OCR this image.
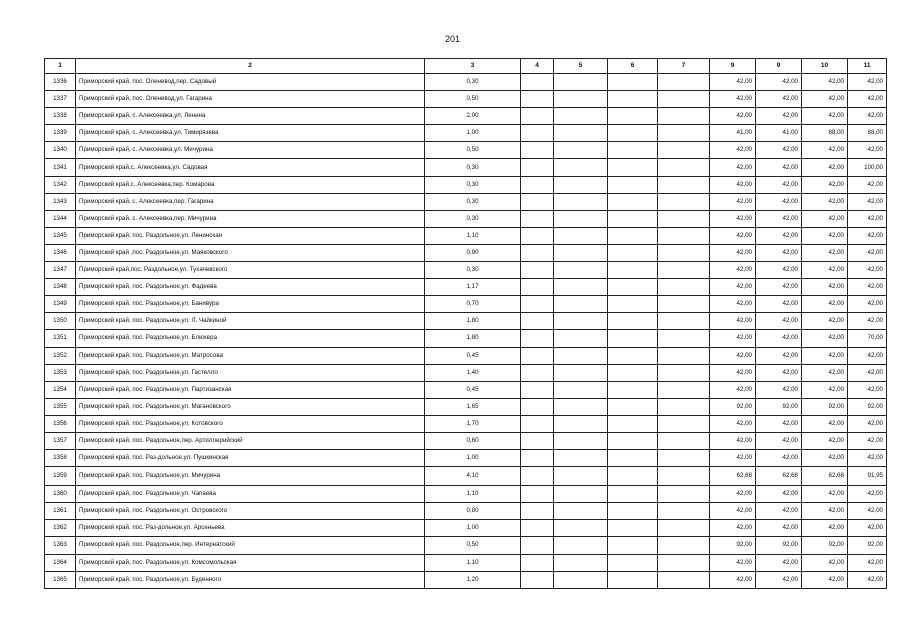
201
1	2	3	4	5	6	7	9	9	10	11
1336	Приморский край, пос. Оленевод,пер. Садовый	0,30					42,00	42,00	42,00	42,00
1337	Приморский край, пос. Оленевод,ул. Гагарина	0,50					42,00	42,00	42,00	42,00
1338	Приморский край, с. Алексеевка,ул. Ленина	2,00					42,00	42,00	42,00	42,00
1339	Приморский край, с. Алексеевка,ул. Тимирязева	1,00					41,00	41,00	88,00	88,00
1340	Приморский край, с. Алексеевка,ул. Мичурина	0,50					42,00	42,00	42,00	42,00
1341	Приморский край,с. Алексеевка,ул. Садовая	0,30					42,00	42,00	42,00	100,00
1342	Приморский край,с. Алексеевка,пер. Комарова	0,30					42,00	42,00	42,00	42,00
1343	Приморский край, с. Алексеевка,пер. Гагарина	0,30					42,00	42,00	42,00	42,00
1344	Приморский край, с. Алексеевка,пер. Мичурина	0,30					42,00	42,00	42,00	42,00
1345	Приморский край, пос. Раздольное,ул. Ленинская	1,10					42,00	42,00	42,00	42,00
1346	Приморский край ,пос. Раздольное,ул. Маяковского	0,90					42,00	42,00	42,00	42,00
1347	Приморский край,пос. Раздольное,ул. Тухачевского	0,30					42,00	42,00	42,00	42,00
1348	Приморский край, пос. Раздольное,ул. Фадеева	1,17					42,00	42,00	42,00	42,00
1349	Приморский край, пос. Раздольное,ул. Банивура	0,70					42,00	42,00	42,00	42,00
1350	Приморский край, пос. Раздольное,ул. Л. Чайкиной	1,80					42,00	42,00	42,00	42,00
1351	Приморский край, пос. Раздольное,ул. Блюхера	1,80					42,00	42,00	42,00	70,00
1352	Приморский край, пос. Раздольное,ул. Матросова	0,45					42,00	42,00	42,00	42,00
1353	Приморский край, пос. Раздольное,ул. Гастелло	1,40					42,00	42,00	42,00	42,00
1354	Приморский край, пос. Раздольное,ул. Партизанская	0,45					42,00	42,00	42,00	42,00
1355	Приморский край, пос. Раздольное,ул. Магановского	1,65					92,00	92,00	92,00	92,00
1356	Приморский край, пос. Раздольное,ул. Котовского	1,70					42,00	42,00	42,00	42,00
1357	Приморский край, пос. Раздольное,пер. Артиллерийский	0,60					42,00	42,00	42,00	42,00
1358	Приморский край, пос. Раз-дольное,ул. Пушкинская	1,00					42,00	42,00	42,00	42,00
1359	Приморский край, пос. Раздольное,ул. Мичурина	4,10					62,68	62,68	62,68	91,95
1360	Приморский край, пос. Раздольное,ул. Чапаева	1,10					42,00	42,00	42,00	42,00
1361	Приморский край, пос. Раздольное,ул. Островского	0,80					42,00	42,00	42,00	42,00
1362	Приморский край, пос. Раз-дольное,ул. Арсеньева	1,00					42,00	42,00	42,00	42,00
1363	Приморский край, пос. Раздольное,пер. Интернатский	0,50					92,00	92,00	92,00	92,00
1364	Приморский край, пос. Раздольное,ул. Комсомольская	1,10					42,00	42,00	42,00	42,00
1365	Приморский край, пос. Раздольное,ул. Буденного	1,20					42,00	42,00	42,00	42,00
